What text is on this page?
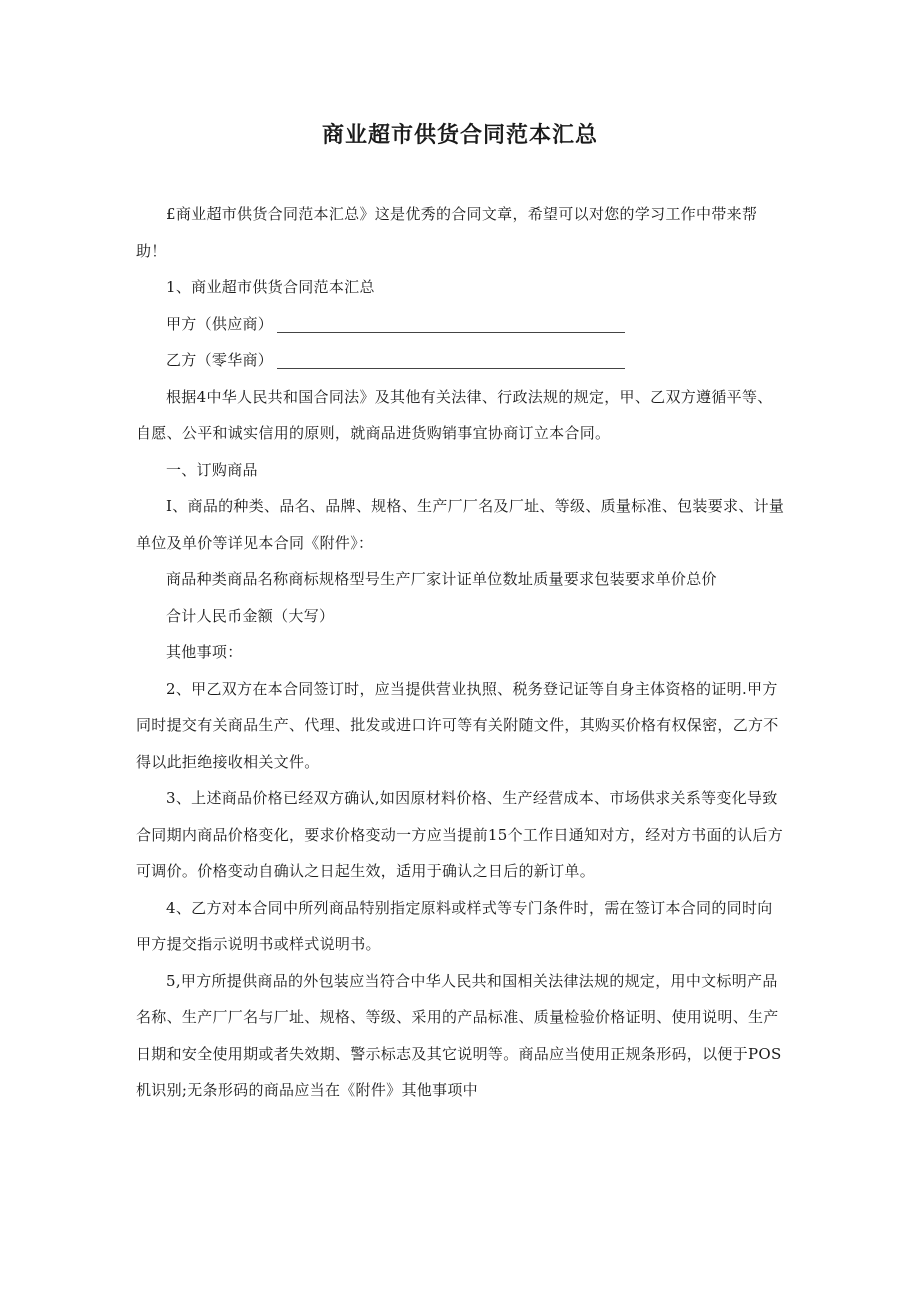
商业超市供货合同范本汇总

£商业超市供货合同范本汇总》这是优秀的合同文章，希望可以对您的学习工作中带来帮助！

1、商业超市供货合同范本汇总

甲方（供应商）

乙方（零华商）

根据4中华人民共和国合同法》及其他有关法律、行政法规的规定，甲、乙双方遵循平等、自愿、公平和诚实信用的原则，就商品进货购销事宜协商订立本合同。

一、订购商品

I、商品的种类、品名、品牌、规格、生产厂厂名及厂址、等级、质量标准、包装要求、计量单位及单价等详见本合同《附件》：

商品种类商品名称商标规格型号生产厂家计证单位数址质量要求包装要求单价总价

合计人民币金额（大写）

其他事项：

2、甲乙双方在本合同签订时，应当提供营业执照、税务登记证等自身主体资格的证明.甲方同时提交有关商品生产、代理、批发或进口许可等有关附随文件，其购买价格有权保密，乙方不得以此拒绝接收相关文件。

3、上述商品价格已经双方确认,如因原材料价格、生产经营成本、市场供求关系等变化导致合同期内商品价格变化，要求价格变动一方应当提前15个工作日通知对方，经对方书面的认后方可调价。价格变动自确认之日起生效，适用于确认之日后的新订单。

4、乙方对本合同中所列商品特别指定原料或样式等专门条件时，需在签订本合同的同时向甲方提交指示说明书或样式说明书。

5,甲方所提供商品的外包装应当符合中华人民共和国相关法律法规的规定，用中文标明产品名称、生产厂厂名与厂址、规格、等级、采用的产品标准、质量检验价格证明、使用说明、生产日期和安全使用期或者失效期、警示标志及其它说明等。商品应当使用正规条形码，以便于POS机识别;无条形码的商品应当在《附件》其他事项中
